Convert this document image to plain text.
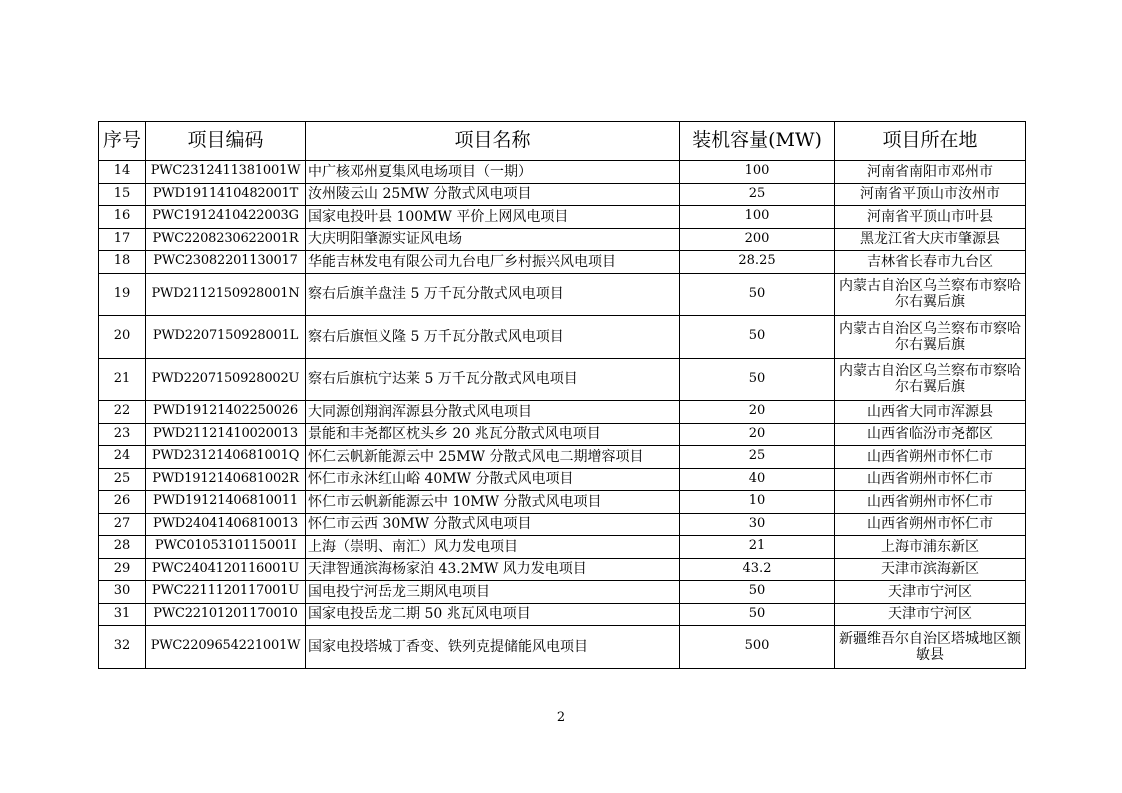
序号	项目编码	项目名称	装机容量(MW)	项目所在地
14	PWC2312411381001W	中广核邓州夏集风电场项目（一期）	100	河南省南阳市邓州市
15	PWD1911410482001T	汝州陵云山 25MW 分散式风电项目	25	河南省平顶山市汝州市
16	PWC1912410422003G	国家电投叶县 100MW 平价上网风电项目	100	河南省平顶山市叶县
17	PWC2208230622001R	大庆明阳肇源实证风电场	200	黑龙江省大庆市肇源县
18	PWC2308220113001​7	华能吉林发电有限公司九台电厂乡村振兴风电项目	28.25	吉林省长春市九台区
19	PWD2112150928001N	察右后旗羊盘洼 5 万千瓦分散式风电项目	50	内蒙古自治区乌兰察布市察哈尔右翼后旗
20	PWD2207150928001L	察右后旗恒义隆 5 万千瓦分散式风电项目	50	内蒙古自治区乌兰察布市察哈尔右翼后旗
21	PWD2207150928002U	察右后旗杭宁达莱 5 万千瓦分散式风电项目	50	内蒙古自治区乌兰察布市察哈尔右翼后旗
22	PWD19121402250026	大同源创翔润浑源县分散式风电项目	20	山西省大同市浑源县
23	PWD21121410020013	景能和丰尧都区枕头乡 20 兆瓦分散式风电项目	20	山西省临汾市尧都区
24	PWD2312140681001Q	怀仁云帆新能源云中 25MW 分散式风电二期增容项目	25	山西省朔州市怀仁市
25	PWD1912140681002R	怀仁市永沐红山峪 40MW 分散式风电项目	40	山西省朔州市怀仁市
26	PWD19121406810011	怀仁市云帆新能源云中 10MW 分散式风电项目	10	山西省朔州市怀仁市
27	PWD24041406810013	怀仁市云西 30MW 分散式风电项目	30	山西省朔州市怀仁市
28	PWC0105310115001I	上海（崇明、南汇）风力发电项目	21	上海市浦东新区
29	PWC2404120116001U	天津智通滨海杨家泊 43.2MW 风力发电项目	43.2	天津市滨海新区
30	PWC2211120117001U	国电投宁河岳龙三期风电项目	50	天津市宁河区
31	PWC22101201170010	国家电投岳龙二期 50 兆瓦风电项目	50	天津市宁河区
32	PWC2209654221001W	国家电投塔城丁香变、铁列克提储能风电项目	500	新疆维吾尔自治区塔城地区额敏县
2
